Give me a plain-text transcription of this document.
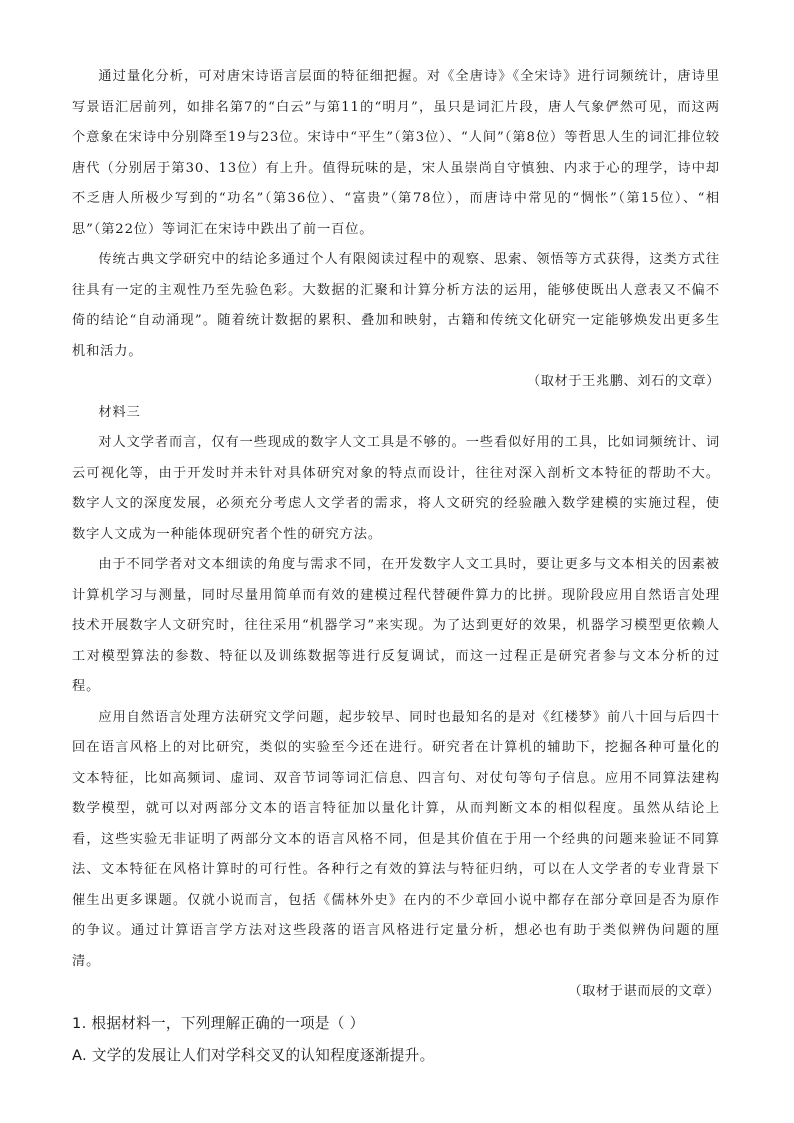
通过量化分析，可对唐宋诗语言层面的特征细把握。对《全唐诗》《全宋诗》进行词频统计，唐诗里写景语汇居前列，如排名第7的“白云”与第11的“明月”，虽只是词汇片段，唐人气象俨然可见，而这两个意象在宋诗中分别降至19与23位。宋诗中“平生”（第3位）、“人间”（第8位）等哲思人生的词汇排位较唐代（分别居于第30、13位）有上升。值得玩味的是，宋人虽崇尚自守慎独、内求于心的理学，诗中却不乏唐人所极少写到的“功名”（第36位）、“富贵”（第78位），而唐诗中常见的“惆怅”（第15位）、“相思”（第22位）等词汇在宋诗中跌出了前一百位。

传统古典文学研究中的结论多通过个人有限阅读过程中的观察、思索、领悟等方式获得，这类方式往往具有一定的主观性乃至先验色彩。大数据的汇聚和计算分析方法的运用，能够使既出人意表又不偏不倚的结论“自动涌现”。随着统计数据的累积、叠加和映射，古籍和传统文化研究一定能够焕发出更多生机和活力。

（取材于王兆鹏、刘石的文章）

材料三

对人文学者而言，仅有一些现成的数字人文工具是不够的。一些看似好用的工具，比如词频统计、词云可视化等，由于开发时并未针对具体研究对象的特点而设计，往往对深入剖析文本特征的帮助不大。数字人文的深度发展，必须充分考虑人文学者的需求，将人文研究的经验融入数学建模的实施过程，使数字人文成为一种能体现研究者个性的研究方法。

由于不同学者对文本细读的角度与需求不同，在开发数字人文工具时，要让更多与文本相关的因素被计算机学习与测量，同时尽量用简单而有效的建模过程代替硬件算力的比拼。现阶段应用自然语言处理技术开展数字人文研究时，往往采用“机器学习”来实现。为了达到更好的效果，机器学习模型更依赖人工对模型算法的参数、特征以及训练数据等进行反复调试，而这一过程正是研究者参与文本分析的过程。

应用自然语言处理方法研究文学问题，起步较早、同时也最知名的是对《红楼梦》前八十回与后四十回在语言风格上的对比研究，类似的实验至今还在进行。研究者在计算机的辅助下，挖掘各种可量化的文本特征，比如高频词、虚词、双音节词等词汇信息、四言句、对仗句等句子信息。应用不同算法建构数学模型，就可以对两部分文本的语言特征加以量化计算，从而判断文本的相似程度。虽然从结论上看，这些实验无非证明了两部分文本的语言风格不同，但是其价值在于用一个经典的问题来验证不同算法、文本特征在风格计算时的可行性。各种行之有效的算法与特征归纳，可以在人文学者的专业背景下催生出更多课题。仅就小说而言，包括《儒林外史》在内的不少章回小说中都存在部分章回是否为原作的争议。通过计算语言学方法对这些段落的语言风格进行定量分析，想必也有助于类似辨伪问题的厘清。

（取材于谌而辰的文章）

1. 根据材料一，下列理解正确的一项是（ ）

A. 文学的发展让人们对学科交叉的认知程度逐渐提升。
